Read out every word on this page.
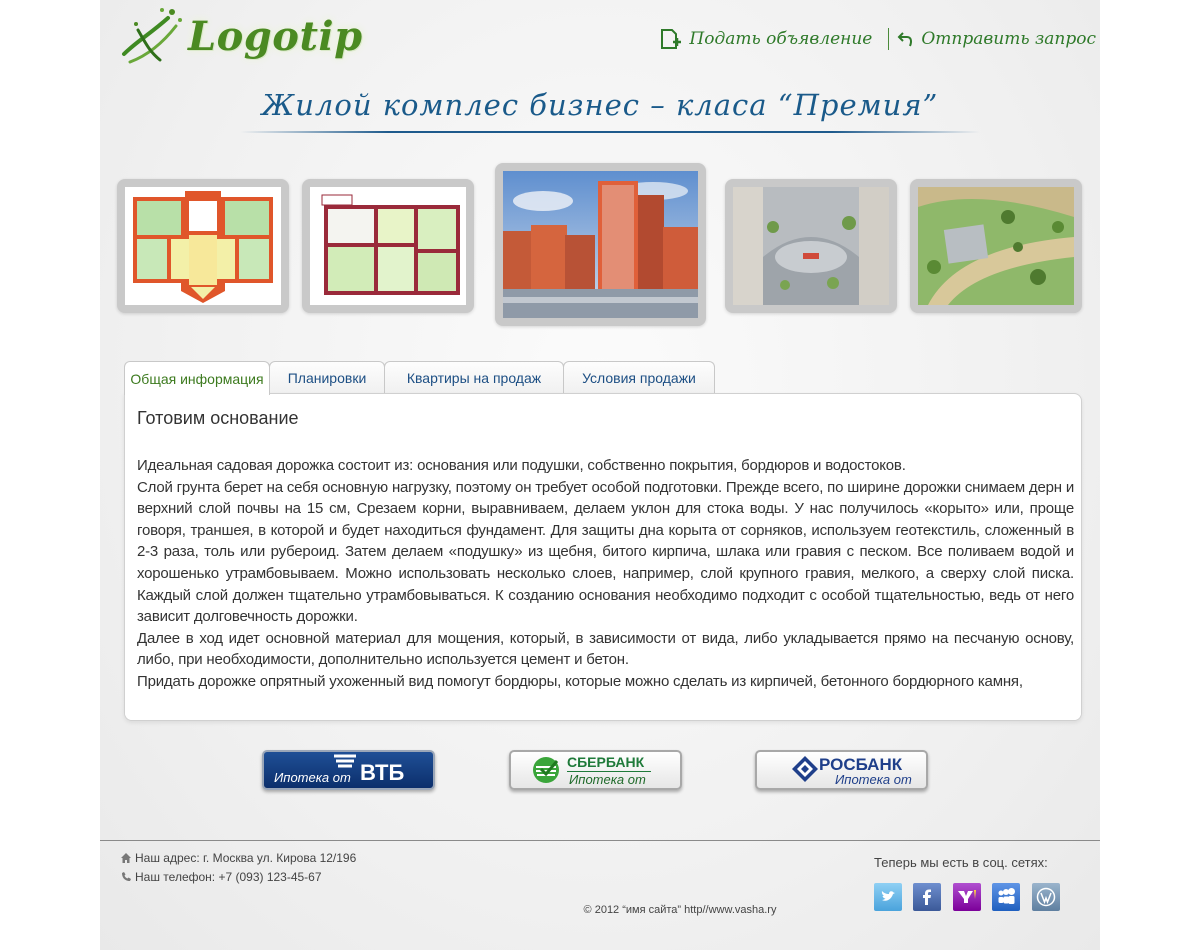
Logotip	Подать объявление	Отправить запрос
Жилой комплес бизнес – класа “Премия”
Общая информация	Планировки	Квартиры на продаж	Условия продажи
Готовим основание

Идеальная садовая дорожка состоит из: основания или подушки, собственно покрытия, бордюров и водостоков.

Слой грунта берет на себя основную нагрузку, поэтому он требует особой подготовки. Прежде всего, по ширине дорожки снимаем дерн и верхний слой почвы на 15 см, Срезаем корни, выравниваем, делаем уклон для стока воды. У нас получилось «корыто» или, проще говоря, траншея, в которой и будет находиться фундамент. Для защиты дна корыта от сорняков, используем геотекстиль, сложенный в 2-3 раза, толь или рубероид. Затем делаем «подушку» из щебня, битого кирпича, шлака или гравия с песком. Все поливаем водой и хорошенько утрамбовываем. Можно использовать несколько слоев, например, слой крупного гравия, мелкого, а сверху слой писка. Каждый слой должен тщательно утрамбовываться. К созданию основания необходимо подходит с особой тщательностью, ведь от него зависит долговечность дорожки.

Далее в ход идет основной материал для мощения, который, в зависимости от вида, либо укладывается прямо на песчаную основу, либо, при необходимости, дополнительно используется цемент и бетон.

Придать дорожке опрятный ухоженный вид помогут бордюры, которые можно сделать из кирпичей, бетонного бордюрного камня,

Ипотека от ВТБ	СБЕРБАНК
Ипотека от
РОСБАНК
Ипотека от
Наш адрес: г. Москва ул. Кирова 12/196
Наш телефон: +7 (093) 123-45-67
Теперь мы есть в соц. сетях:
© 2012 “имя сайта” http//www.vasha.ry
